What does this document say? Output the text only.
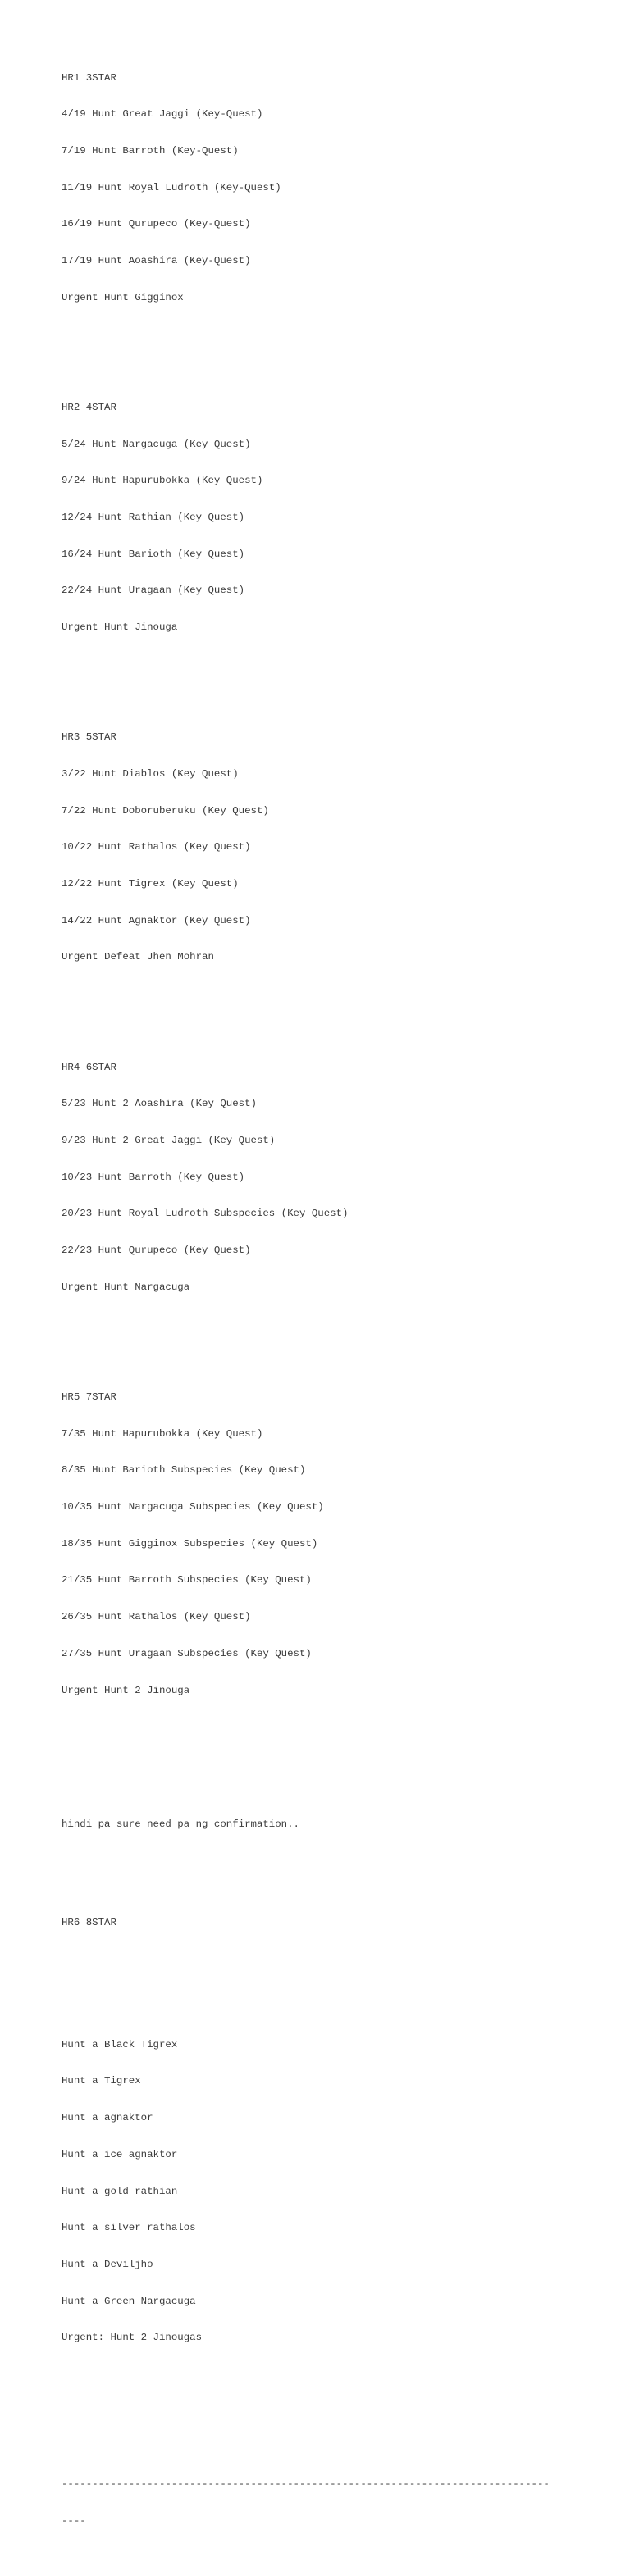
HR1 3STAR

4/19 Hunt Great Jaggi (Key-Quest)

7/19 Hunt Barroth (Key-Quest)

11/19 Hunt Royal Ludroth (Key-Quest)

16/19 Hunt Qurupeco (Key-Quest)

17/19 Hunt Aoashira (Key-Quest)

Urgent Hunt Gigginox

HR2 4STAR

5/24 Hunt Nargacuga (Key Quest)

9/24 Hunt Hapurubokka (Key Quest)

12/24 Hunt Rathian (Key Quest)

16/24 Hunt Barioth (Key Quest)

22/24 Hunt Uragaan (Key Quest)

Urgent Hunt Jinouga

HR3 5STAR

3/22 Hunt Diablos (Key Quest)

7/22 Hunt Doboruberuku (Key Quest)

10/22 Hunt Rathalos (Key Quest)

12/22 Hunt Tigrex (Key Quest)

14/22 Hunt Agnaktor (Key Quest)

Urgent Defeat Jhen Mohran

HR4 6STAR

5/23 Hunt 2 Aoashira (Key Quest)

9/23 Hunt 2 Great Jaggi (Key Quest)

10/23 Hunt Barroth (Key Quest)

20/23 Hunt Royal Ludroth Subspecies (Key Quest)

22/23 Hunt Qurupeco (Key Quest)

Urgent Hunt Nargacuga

HR5 7STAR

7/35 Hunt Hapurubokka (Key Quest)

8/35 Hunt Barioth Subspecies (Key Quest)

10/35 Hunt Nargacuga Subspecies (Key Quest)

18/35 Hunt Gigginox Subspecies (Key Quest)

21/35 Hunt Barroth Subspecies (Key Quest)

26/35 Hunt Rathalos (Key Quest)

27/35 Hunt Uragaan Subspecies (Key Quest)

Urgent Hunt 2 Jinouga

hindi pa sure need pa ng confirmation..

HR6 8STAR

Hunt a Black Tigrex

Hunt a Tigrex

Hunt a agnaktor

Hunt a ice agnaktor

Hunt a gold rathian

Hunt a silver rathalos

Hunt a Deviljho

Hunt a Green Nargacuga

Urgent: Hunt 2 Jinougas

--------------------------------------------------------------------------------

----
